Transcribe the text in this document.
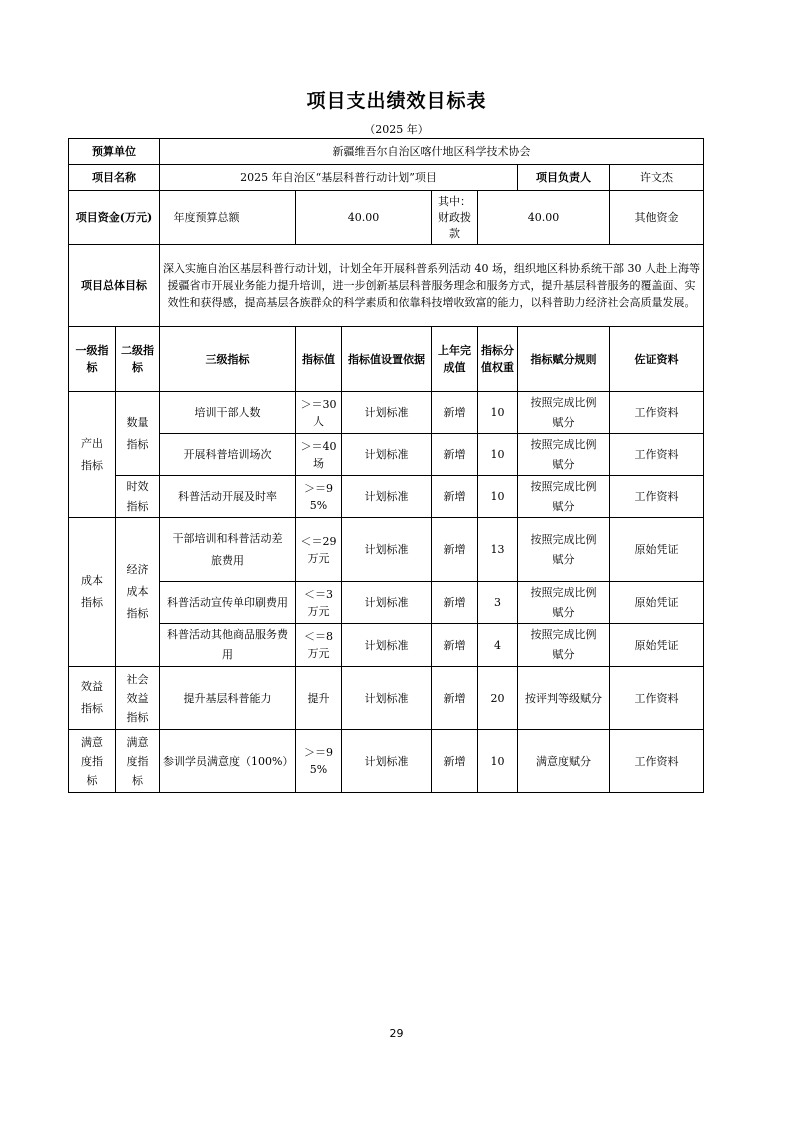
项目支出绩效目标表
（2025 年）
预算单位		新疆维吾尔自治区喀什地区科学技术协会							
项目名称		2025 年自治区“基层科普行动计划”项目					项目负责人	许文杰	
项目资金(万元)		年度预算总额	40.00		其中：财政拨款	40.00		其他资金	
项目总体目标		深入实施自治区基层科普行动计划，计划全年开展科普系列活动 40 场，组织地区科协系统干部 30 人赴上海等援疆省市开展业务能力提升培训，进一步创新基层科普服务理念和服务方式，提升基层科普服务的覆盖面、实效性和获得感，提高基层各族群众的科学素质和依靠科技增收致富的能力，以科普助力经济社会高质量发展。							
一级指标	二级指标	三级指标	指标值	指标值设置依据	上年完成值	指标分值权重	指标赋分规则	佐证资料	
产出指标	数量指标	培训干部人数	＞＝30 人	计划标准	新增	10	按照完成比例赋分	工作资料	
		开展科普培训场次	＞＝40 场	计划标准	新增	10	按照完成比例赋分	工作资料	
	时效指标	科普活动开展及时率	＞＝95%	计划标准	新增	10	按照完成比例赋分	工作资料	
成本指标	经济成本指标	干部培训和科普活动差旅费用	＜＝29 万元	计划标准	新增	13	按照完成比例赋分	原始凭证	
		科普活动宣传单印刷费用	＜＝3 万元	计划标准	新增	3	按照完成比例赋分	原始凭证	
		科普活动其他商品服务费用	＜＝8 万元	计划标准	新增	4	按照完成比例赋分	原始凭证	
效益指标	社会效益指标	提升基层科普能力	提升	计划标准	新增	20	按评判等级赋分	工作资料	
满意度指标	满意度指标	参训学员满意度（100%）	＞＝95%	计划标准	新增	10	满意度赋分	工作资料	
29
